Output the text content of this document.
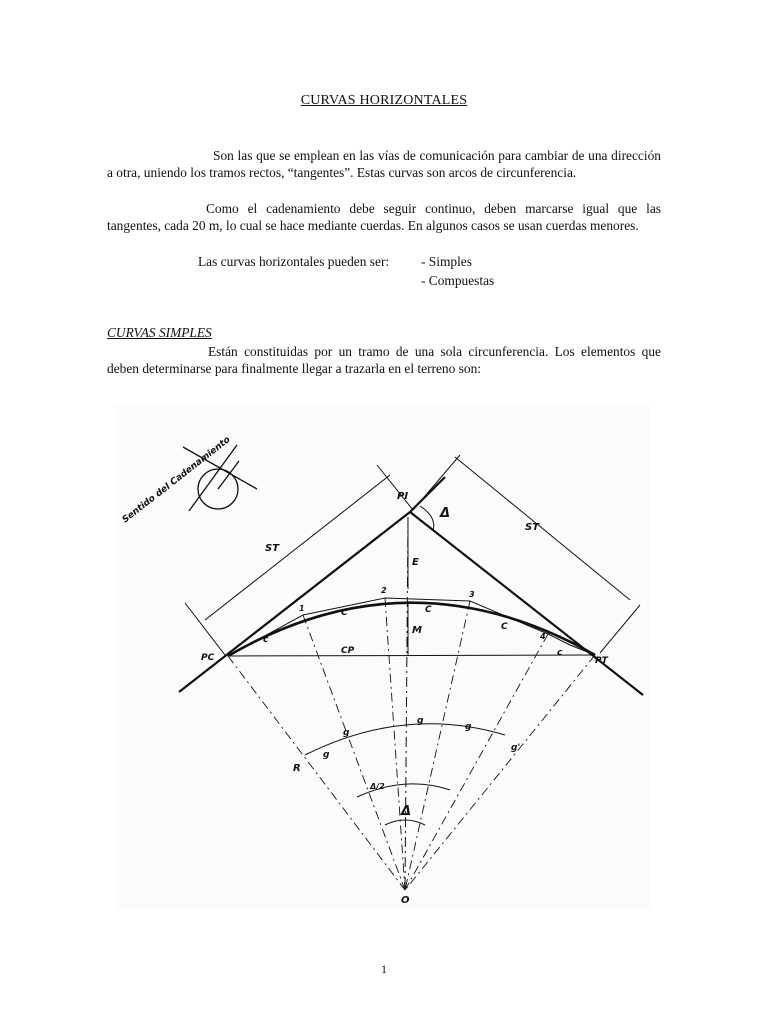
CURVAS HORIZONTALES

Son las que se emplean en las vías de comunicación para cambiar de una dirección a otra, uniendo los tramos rectos, “tangentes”. Estas curvas son arcos de circunferencia.

Como el cadenamiento debe seguir continuo, deben marcarse igual que las tangentes, cada 20 m, lo cual se hace mediante cuerdas. En algunos casos se usan cuerdas menores.

Las curvas horizontales pueden ser: - Simples
- Compuestas
CURVAS SIMPLES

Están constituidas por un tramo de una sola circunferencia. Los elementos que deben determinarse para finalmente llegar a trazarla en el terreno son:

Sentido del Cadenamiento	PI
PC	PT
ST
ST
E
M
CP
C	C
C
c
c
1
2	3
4
R
O
Δ
Δ
Δ/2
g
g
g
g
g'
1
